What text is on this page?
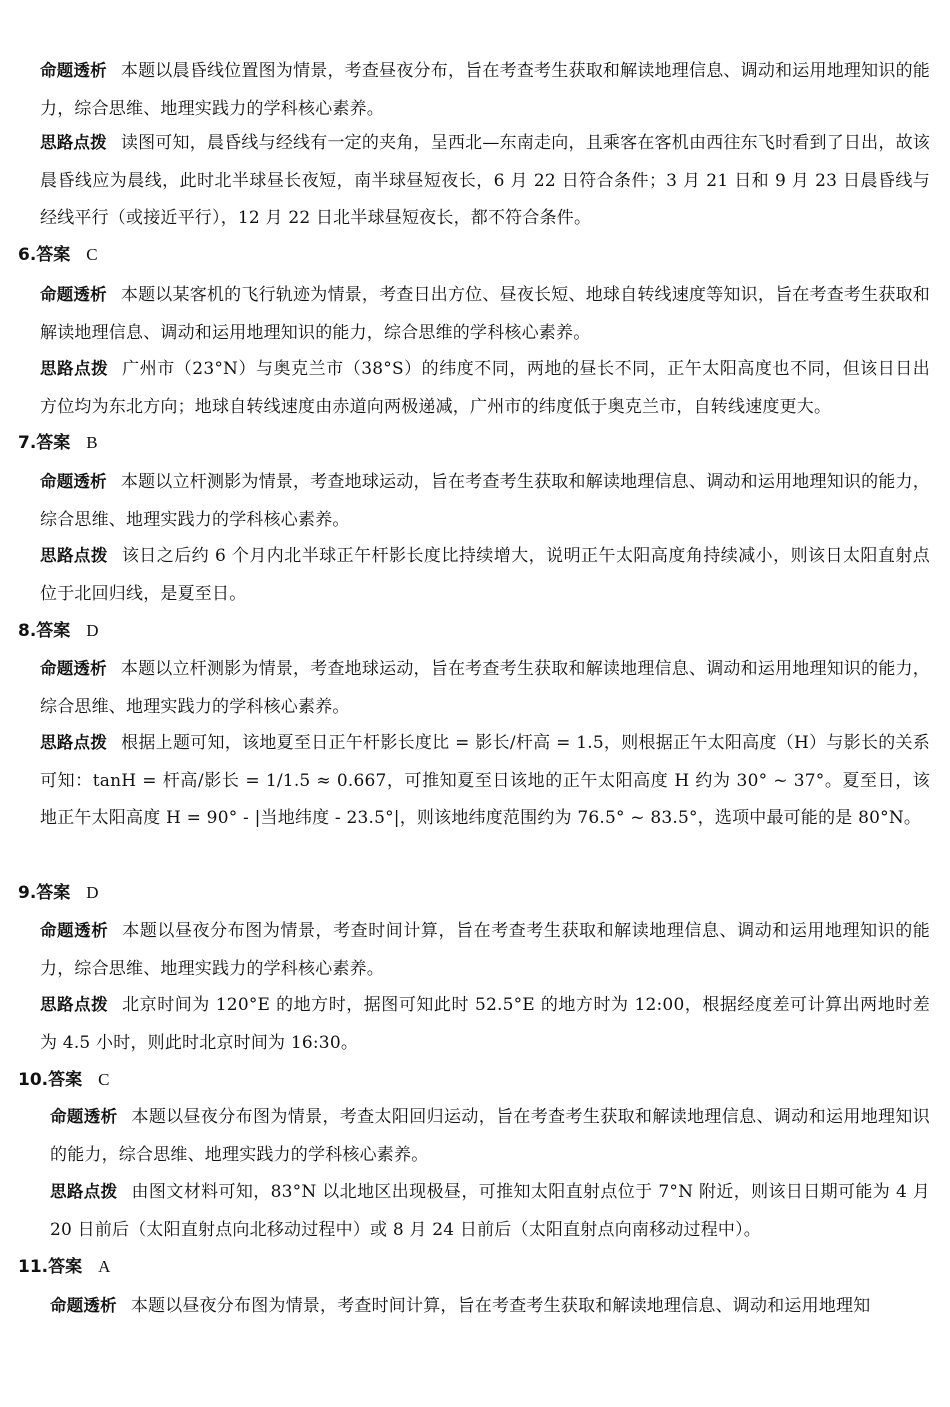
命题透析 本题以晨昏线位置图为情景，考查昼夜分布，旨在考查考生获取和解读地理信息、调动和运用地理知识的能力，综合思维、地理实践力的学科核心素养。
思路点拨 读图可知，晨昏线与经线有一定的夹角，呈西北—东南走向，且乘客在客机由西往东飞时看到了日出，故该晨昏线应为晨线，此时北半球昼长夜短，南半球昼短夜长，6 月 22 日符合条件；3 月 21 日和 9 月 23 日晨昏线与经线平行（或接近平行），12 月 22 日北半球昼短夜长，都不符合条件。
6.答案 C
命题透析 本题以某客机的飞行轨迹为情景，考查日出方位、昼夜长短、地球自转线速度等知识，旨在考查考生获取和解读地理信息、调动和运用地理知识的能力，综合思维的学科核心素养。
思路点拨 广州市（23°N）与奥克兰市（38°S）的纬度不同，两地的昼长不同，正午太阳高度也不同，但该日日出方位均为东北方向；地球自转线速度由赤道向两极递减，广州市的纬度低于奥克兰市，自转线速度更大。
7.答案 B
命题透析 本题以立杆测影为情景，考查地球运动，旨在考查考生获取和解读地理信息、调动和运用地理知识的能力，综合思维、地理实践力的学科核心素养。
思路点拨 该日之后约 6 个月内北半球正午杆影长度比持续增大，说明正午太阳高度角持续减小，则该日太阳直射点位于北回归线，是夏至日。
8.答案 D
命题透析 本题以立杆测影为情景，考查地球运动，旨在考查考生获取和解读地理信息、调动和运用地理知识的能力，综合思维、地理实践力的学科核心素养。
思路点拨 根据上题可知，该地夏至日正午杆影长度比 = 影长/杆高 = 1.5，则根据正午太阳高度（H）与影长的关系可知：tanH = 杆高/影长 = 1/1.5 ≈ 0.667，可推知夏至日该地的正午太阳高度 H 约为 30° ~ 37°。夏至日，该地正午太阳高度 H = 90° - |当地纬度 - 23.5°|，则该地纬度范围约为 76.5° ~ 83.5°，选项中最可能的是 80°N。
9.答案 D
命题透析 本题以昼夜分布图为情景，考查时间计算，旨在考查考生获取和解读地理信息、调动和运用地理知识的能力，综合思维、地理实践力的学科核心素养。
思路点拨 北京时间为 120°E 的地方时，据图可知此时 52.5°E 的地方时为 12:00，根据经度差可计算出两地时差为 4.5 小时，则此时北京时间为 16:30。
10.答案 C
命题透析 本题以昼夜分布图为情景，考查太阳回归运动，旨在考查考生获取和解读地理信息、调动和运用地理知识的能力，综合思维、地理实践力的学科核心素养。
思路点拨 由图文材料可知，83°N 以北地区出现极昼，可推知太阳直射点位于 7°N 附近，则该日日期可能为 4 月 20 日前后（太阳直射点向北移动过程中）或 8 月 24 日前后（太阳直射点向南移动过程中）。
11.答案 A
命题透析 本题以昼夜分布图为情景，考查时间计算，旨在考查考生获取和解读地理信息、调动和运用地理知
